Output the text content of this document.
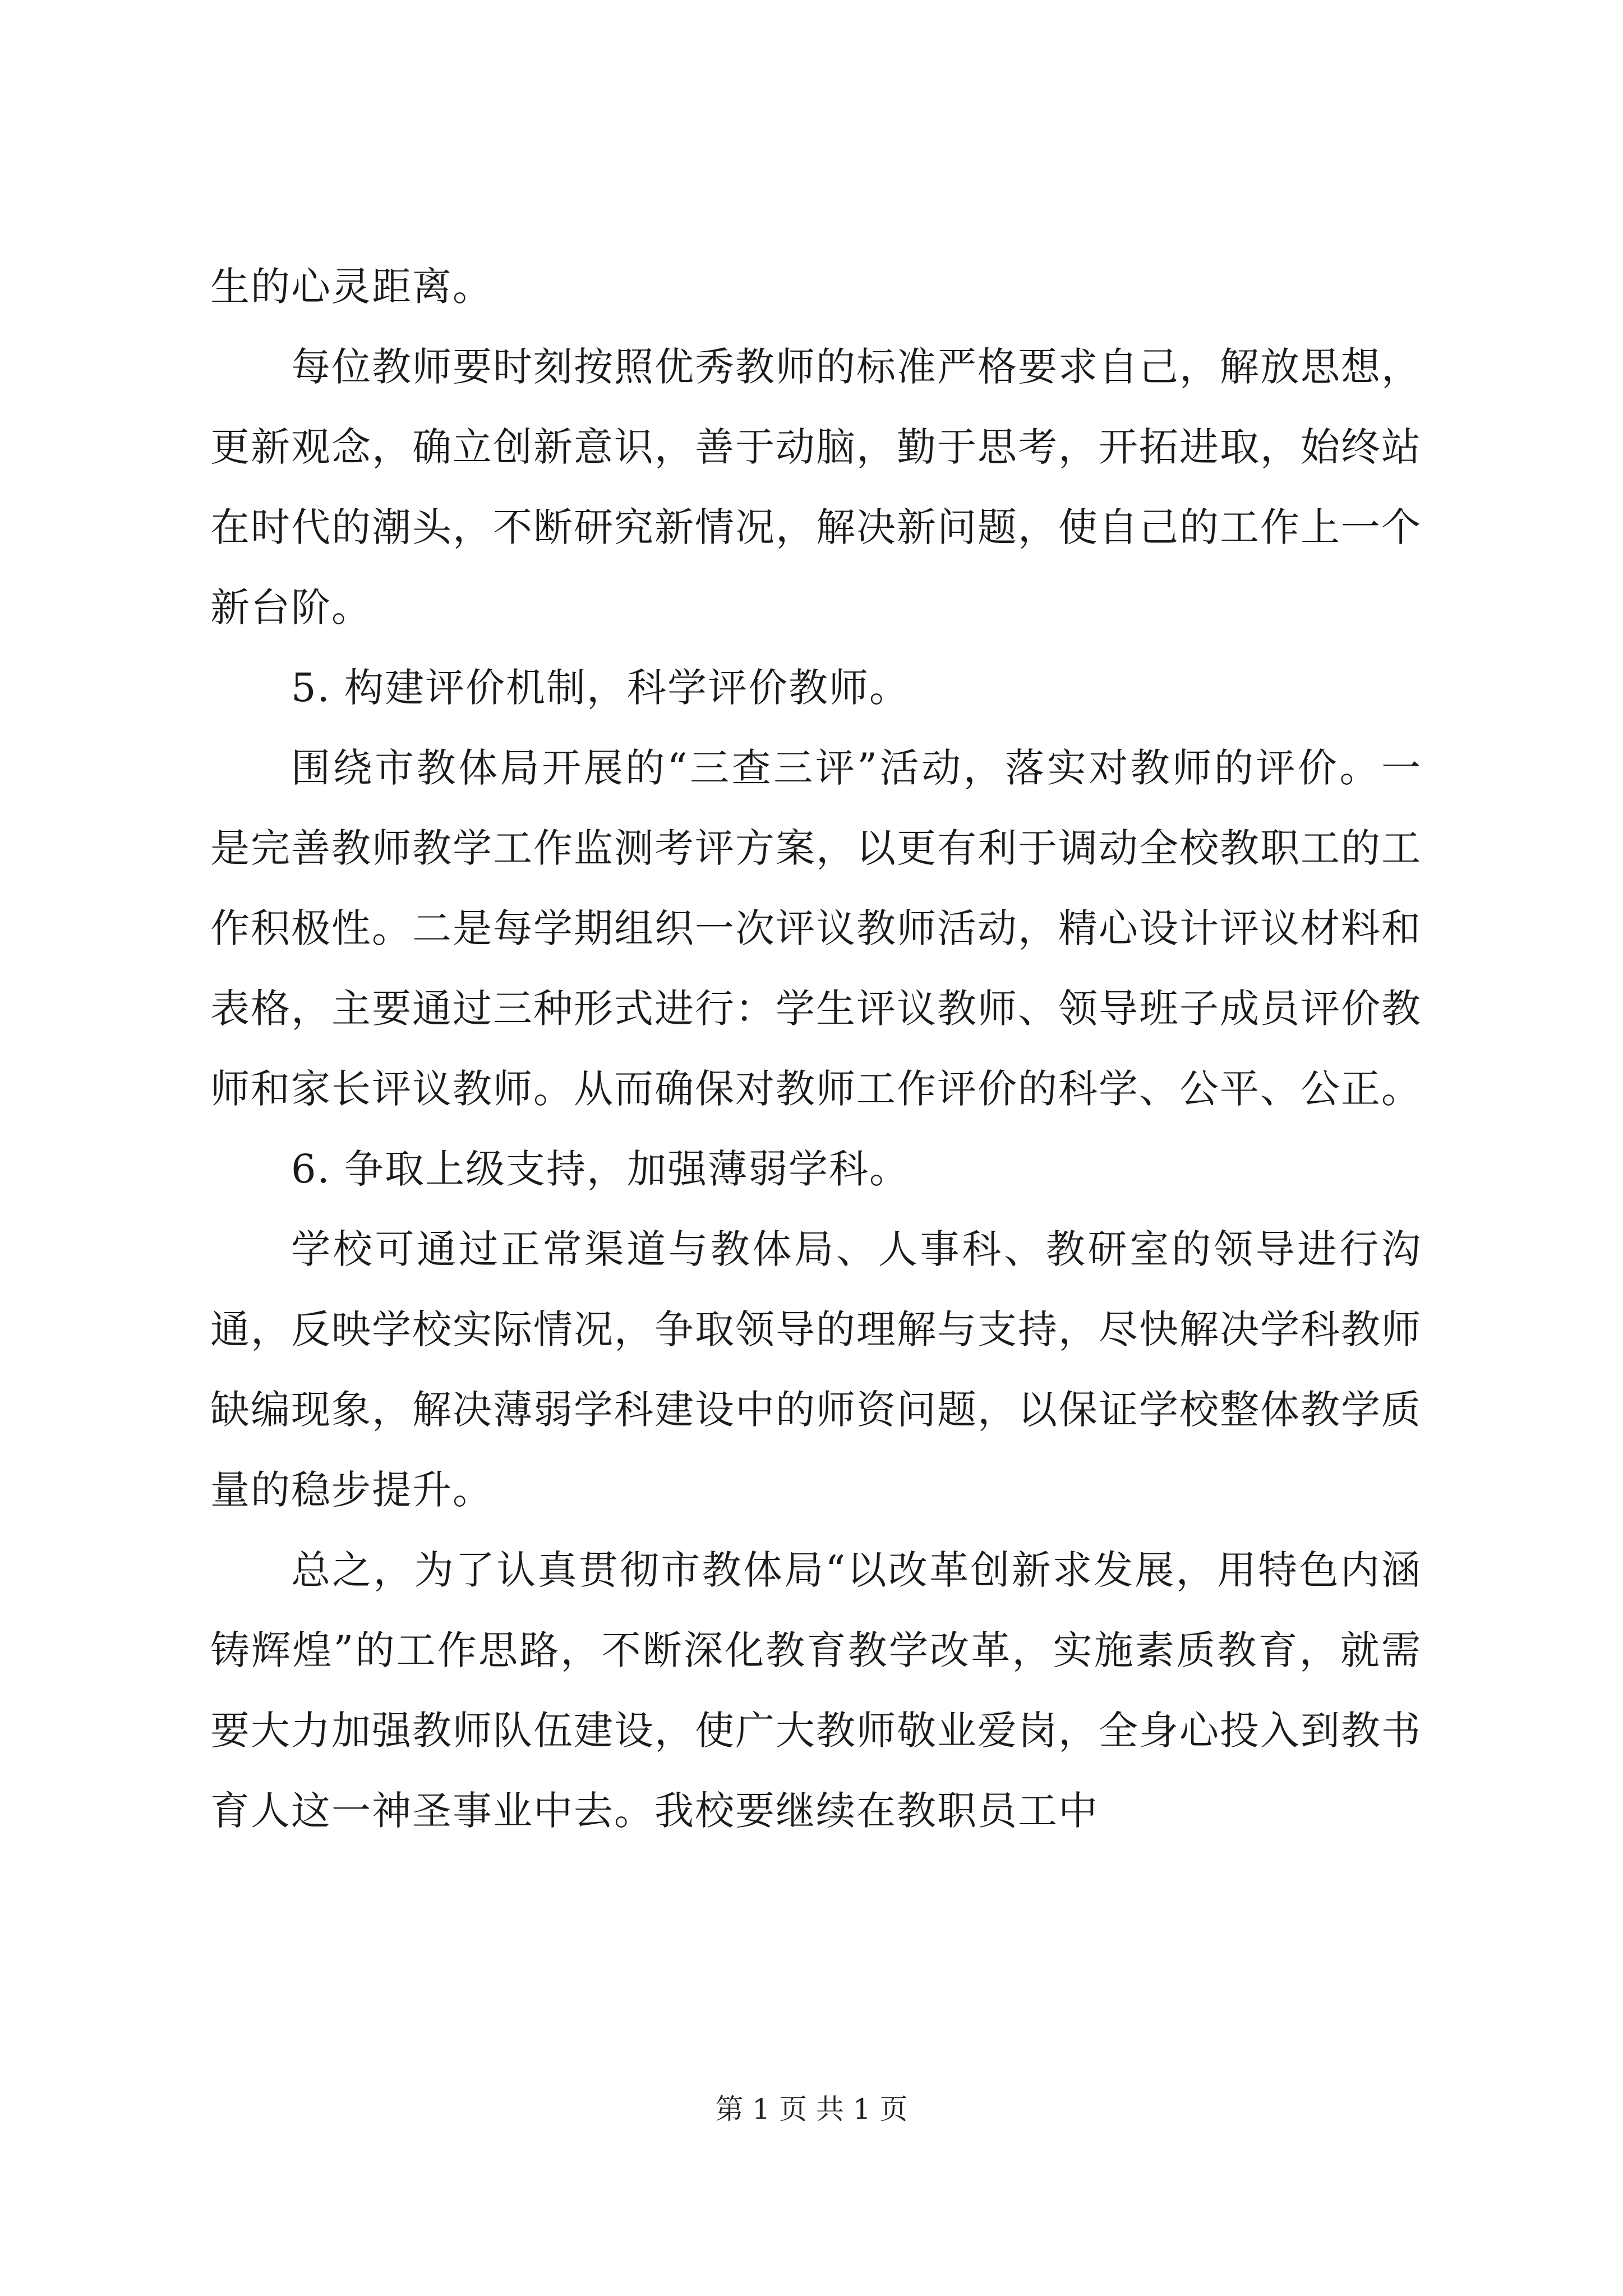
生的心灵距离。

每位教师要时刻按照优秀教师的标准严格要求自己，解放思想，更新观念，确立创新意识，善于动脑，勤于思考，开拓进取，始终站在时代的潮头，不断研究新情况，解决新问题，使自己的工作上一个新台阶。

5. 构建评价机制，科学评价教师。

围绕市教体局开展的“三查三评”活动，落实对教师的评价。一是完善教师教学工作监测考评方案，以更有利于调动全校教职工的工作积极性。二是每学期组织一次评议教师活动，精心设计评议材料和表格，主要通过三种形式进行：学生评议教师、领导班子成员评价教师和家长评议教师。从而确保对教师工作评价的科学、公平、公正。

6. 争取上级支持，加强薄弱学科。

学校可通过正常渠道与教体局、人事科、教研室的领导进行沟通，反映学校实际情况，争取领导的理解与支持，尽快解决学科教师缺编现象，解决薄弱学科建设中的师资问题，以保证学校整体教学质量的稳步提升。

总之，为了认真贯彻市教体局“以改革创新求发展，用特色内涵铸辉煌”的工作思路，不断深化教育教学改革，实施素质教育，就需要大力加强教师队伍建设，使广大教师敬业爱岗，全身心投入到教书育人这一神圣事业中去。我校要继续在教职员工中

第 1 页 共 1 页
